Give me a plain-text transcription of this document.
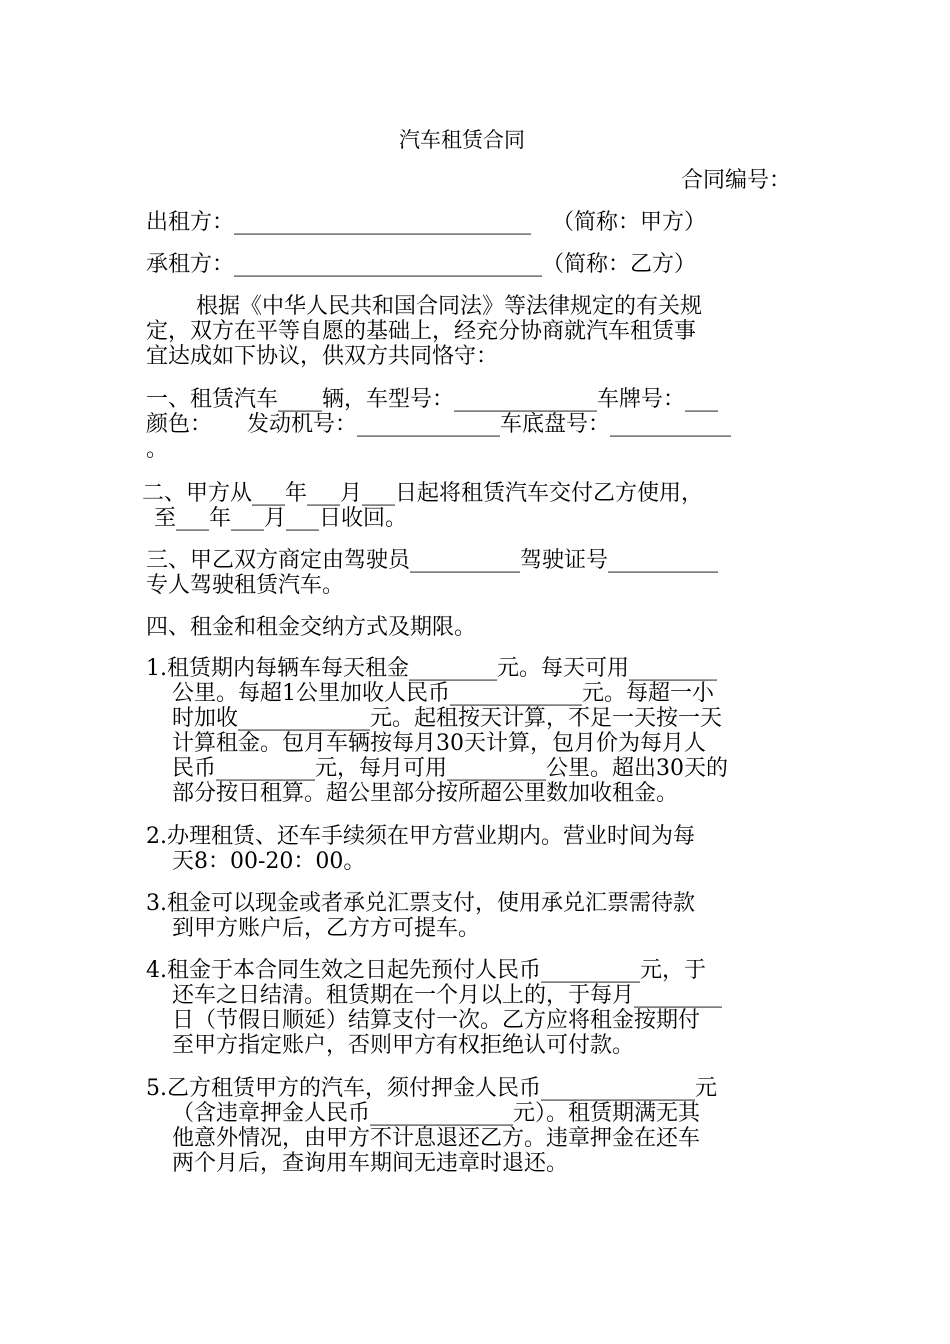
汽车租赁合同
合同编号：
出租方：___________________________   （简称：甲方）
承租方：____________________________（简称：乙方）
根据《中华人民共和国合同法》等法律规定的有关规
定，双方在平等自愿的基础上，经充分协商就汽车租赁事
宜达成如下协议，供双方共同恪守：
一、租赁汽车____辆，车型号：_____________车牌号：___
颜色：     发动机号：_____________车底盘号：___________
。
二、甲方从___年___月___日起将租赁汽车交付乙方使用，
至___年___月___日收回。
三、甲乙双方商定由驾驶员__________驾驶证号__________
专人驾驶租赁汽车。
四、租金和租金交纳方式及期限。
1.租赁期内每辆车每天租金________元。每天可用________
公里。每超1公里加收人民币____________元。每超一小
时加收____________元。起租按天计算，不足一天按一天
计算租金。包月车辆按每月30天计算，包月价为每月人
民币_________元，每月可用_________公里。超出30天的
部分按日租算。超公里部分按所超公里数加收租金。
2.办理租赁、还车手续须在甲方营业期内。营业时间为每
天8：00-20：00。
3.租金可以现金或者承兑汇票支付，使用承兑汇票需待款
到甲方账户后，乙方方可提车。
4.租金于本合同生效之日起先预付人民币_________元，于
还车之日结清。租赁期在一个月以上的，于每月________
日（节假日顺延）结算支付一次。乙方应将租金按期付
至甲方指定账户，否则甲方有权拒绝认可付款。
5.乙方租赁甲方的汽车，须付押金人民币______________元
（含违章押金人民币_____________元）。租赁期满无其
他意外情况，由甲方不计息退还乙方。违章押金在还车
两个月后，查询用车期间无违章时退还。
